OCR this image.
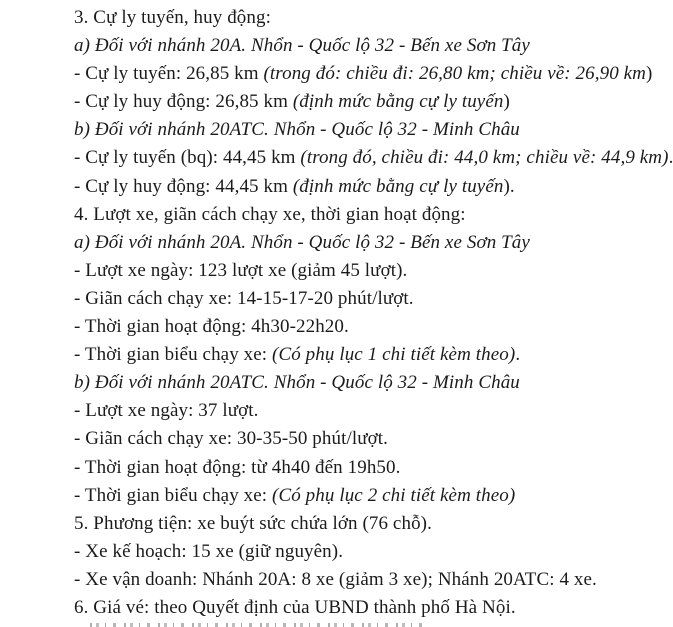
3. Cự ly tuyến, huy động:
a) Đối với nhánh 20A. Nhổn - Quốc lộ 32 - Bến xe Sơn Tây
- Cự ly tuyến: 26,85 km (trong đó: chiều đi: 26,80 km; chiều về: 26,90 km)
- Cự ly huy động: 26,85 km (định mức bằng cự ly tuyến)
b) Đối với nhánh 20ATC. Nhổn - Quốc lộ 32 - Minh Châu
- Cự ly tuyến (bq): 44,45 km (trong đó, chiều đi: 44,0 km; chiều về: 44,9 km).
- Cự ly huy động: 44,45 km (định mức bằng cự ly tuyến).
4. Lượt xe, giãn cách chạy xe, thời gian hoạt động:
a) Đối với nhánh 20A. Nhổn - Quốc lộ 32 - Bến xe Sơn Tây
- Lượt xe ngày: 123 lượt xe (giảm 45 lượt).
- Giãn cách chạy xe: 14-15-17-20 phút/lượt.
- Thời gian hoạt động: 4h30-22h20.
- Thời gian biểu chạy xe: (Có phụ lục 1 chi tiết kèm theo).
b) Đối với nhánh 20ATC. Nhổn - Quốc lộ 32 - Minh Châu
- Lượt xe ngày: 37 lượt.
- Giãn cách chạy xe: 30-35-50 phút/lượt.
- Thời gian hoạt động: từ 4h40 đến 19h50.
- Thời gian biểu chạy xe: (Có phụ lục 2 chi tiết kèm theo)
5. Phương tiện: xe buýt sức chứa lớn (76 chỗ).
- Xe kế hoạch: 15 xe (giữ nguyên).
- Xe vận doanh: Nhánh 20A: 8 xe (giảm 3 xe); Nhánh 20ATC: 4 xe.
6. Giá vé: theo Quyết định của UBND thành phố Hà Nội.
